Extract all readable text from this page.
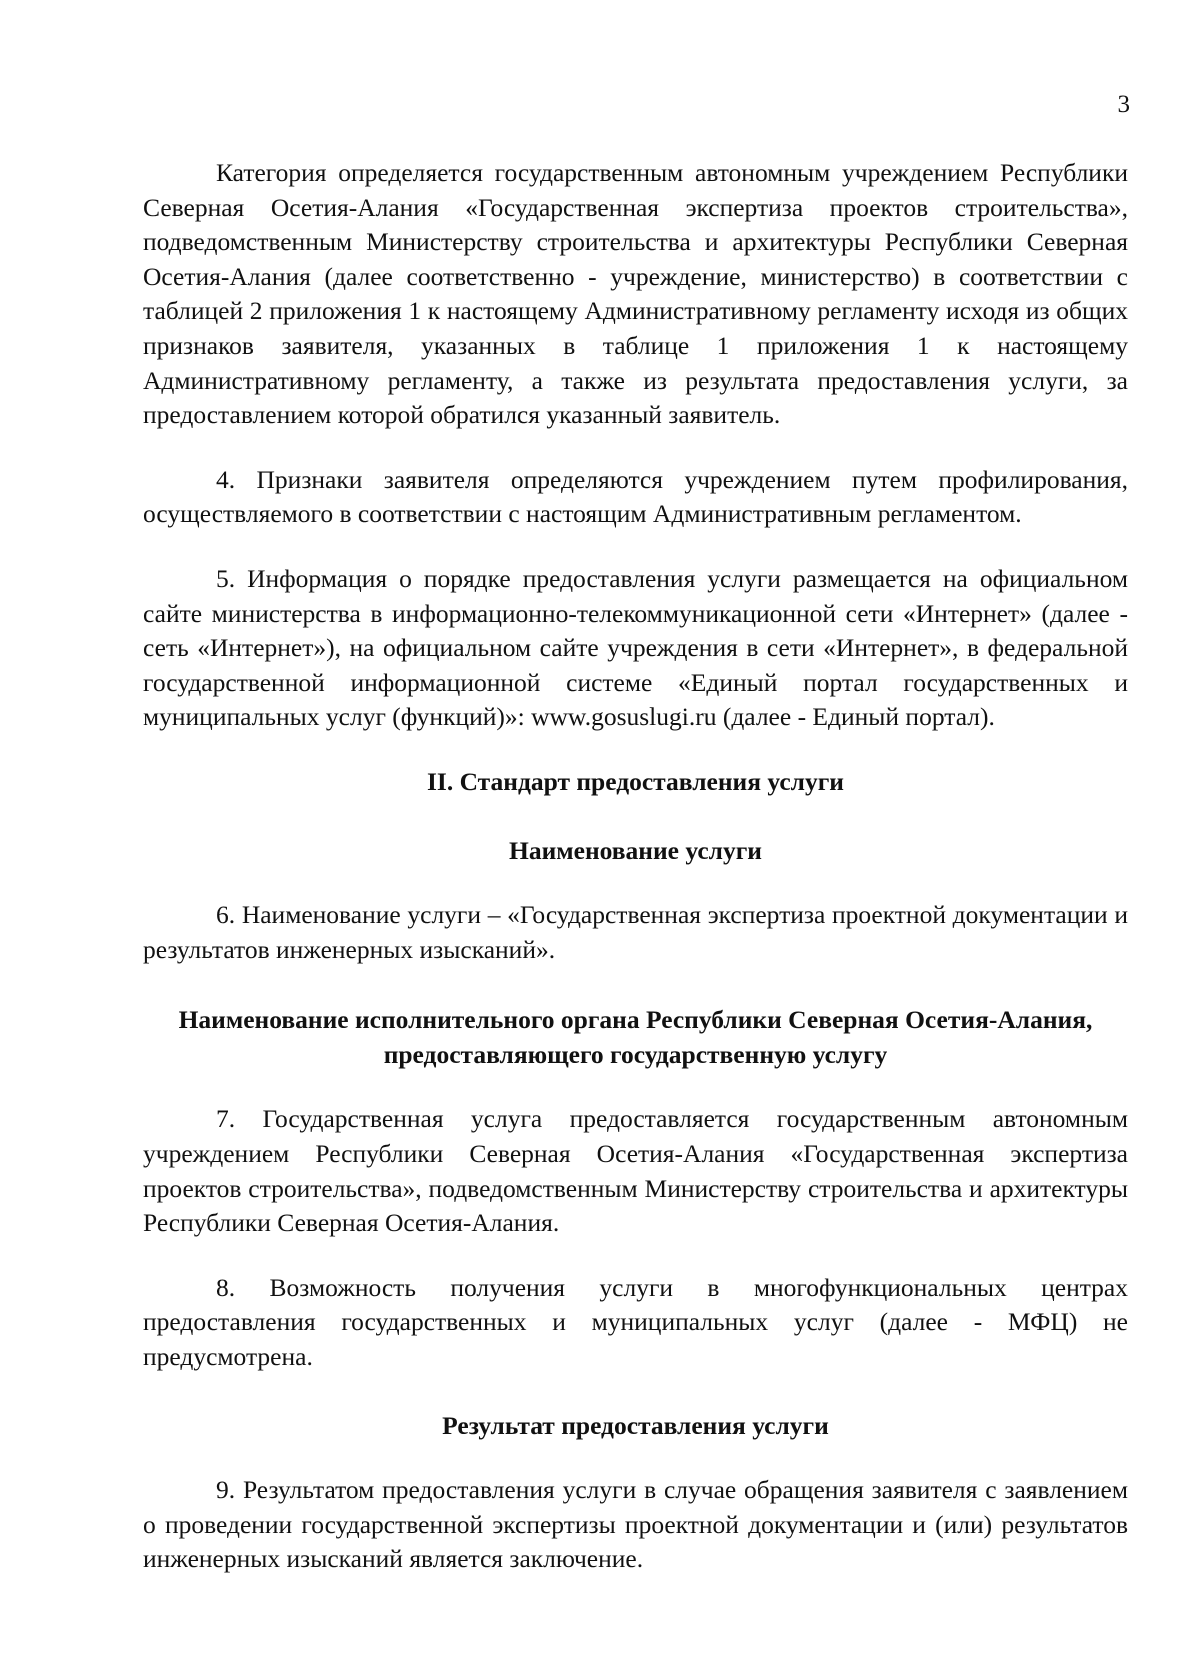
3

Категория определяется государственным автономным учреждением Республики Северная Осетия-Алания «Государственная экспертиза проектов строительства», подведомственным Министерству строительства и архитектуры Республики Северная Осетия-Алания (далее соответственно - учреждение, министерство) в соответствии с таблицей 2 приложения 1 к настоящему Административному регламенту исходя из общих признаков заявителя, указанных в таблице 1 приложения 1 к настоящему Административному регламенту, а также из результата предоставления услуги, за предоставлением которой обратился указанный заявитель.

4. Признаки заявителя определяются учреждением путем профилирования, осуществляемого в соответствии с настоящим Административным регламентом.

5. Информация о порядке предоставления услуги размещается на официальном сайте министерства в информационно-телекоммуникационной сети «Интернет» (далее - сеть «Интернет»), на официальном сайте учреждения в сети «Интернет», в федеральной государственной информационной системе «Единый портал государственных и муниципальных услуг (функций)»: www.gosuslugi.ru (далее - Единый портал).

II. Стандарт предоставления услуги
Наименование услуги

6. Наименование услуги – «Государственная экспертиза проектной документации и результатов инженерных изысканий».

Наименование исполнительного органа Республики Северная Осетия-Алания, предоставляющего государственную услугу

7. Государственная услуга предоставляется государственным автономным учреждением Республики Северная Осетия-Алания «Государственная экспертиза проектов строительства», подведомственным Министерству строительства и архитектуры Республики Северная Осетия-Алания.

8. Возможность получения услуги в многофункциональных центрах предоставления государственных и муниципальных услуг (далее - МФЦ) не предусмотрена.

Результат предоставления услуги

9. Результатом предоставления услуги в случае обращения заявителя с заявлением о проведении государственной экспертизы проектной документации и (или) результатов инженерных изысканий является заключение.
